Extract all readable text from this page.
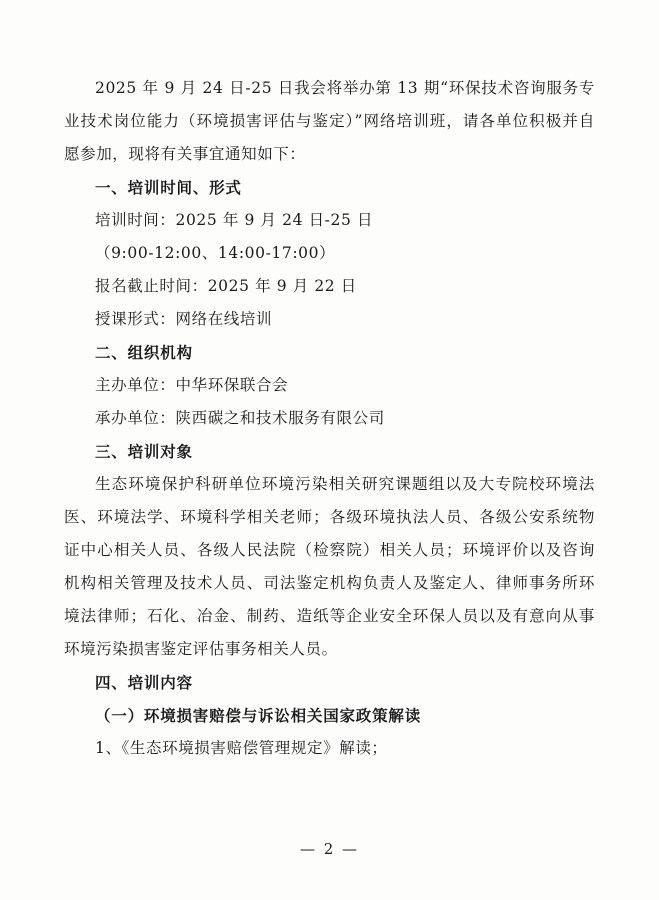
2025 年 9 月 24 日-25 日我会将举办第 13 期“环保技术咨询服务专业技术岗位能力（环境损害评估与鉴定）”网络培训班，请各单位积极并自愿参加，现将有关事宜通知如下：

一、培训时间、形式

培训时间：2025 年 9 月 24 日-25 日

（9:00-12:00、14:00-17:00）

报名截止时间：2025 年 9 月 22 日

授课形式：网络在线培训

二、组织机构

主办单位：中华环保联合会

承办单位：陕西碳之和技术服务有限公司

三、培训对象

生态环境保护科研单位环境污染相关研究课题组以及大专院校环境法医、环境法学、环境科学相关老师；各级环境执法人员、各级公安系统物证中心相关人员、各级人民法院（检察院）相关人员；环境评价以及咨询机构相关管理及技术人员、司法鉴定机构负责人及鉴定人、律师事务所环境法律师；石化、冶金、制药、造纸等企业安全环保人员以及有意向从事环境污染损害鉴定评估事务相关人员。

四、培训内容

（一）环境损害赔偿与诉讼相关国家政策解读

1、《生态环境损害赔偿管理规定》解读；

— 2 —
